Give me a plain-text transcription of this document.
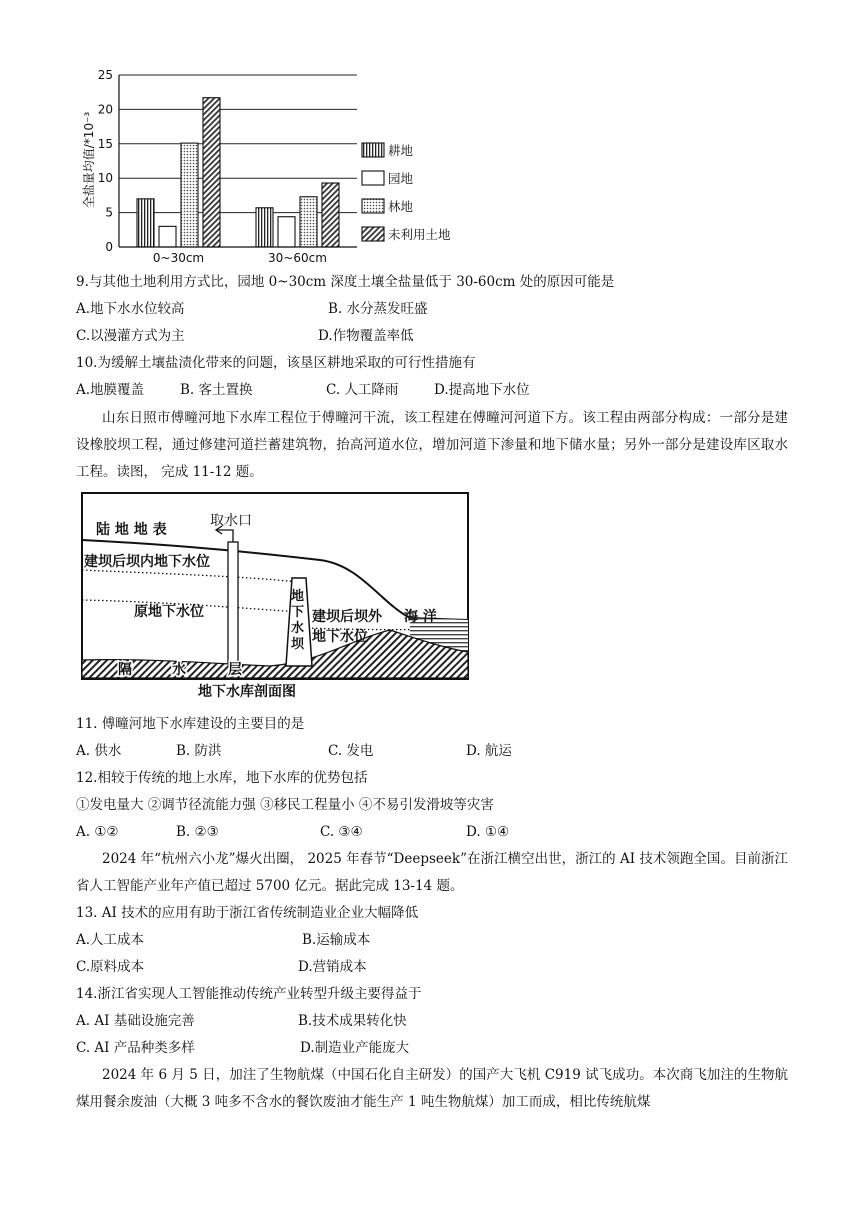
0
5
10
15
20
25
0~30cm	30~60cm
全盐量均值/*10⁻³	耕地
园地
林地
未利用土地
9.与其他土地利用方式比，园地 0~30cm 深度土壤全盐量低于 30-60cm 处的原因可能是
A.地下水水位较高	B. 水分蒸发旺盛
C.以漫灌方式为主	D.作物覆盖率低
10.为缓解土壤盐渍化带来的问题，该垦区耕地采取的可行性措施有
A.地膜覆盖	B. 客土置换	C. 人工降雨	D.提高地下水位
山东日照市傅疃河地下水库工程位于傅疃河干流，该工程建在傅疃河河道下方。该工程由两部分构成：一部分是建设橡胶坝工程，通过修建河道拦蓄建筑物，抬高河道水位，增加河道下渗量和地下储水量；另外一部分是建设库区取水工程。读图， 完成 11-12 题。
取水口
陆 地 地 表
建坝后坝内地下水位
原地下水位
地
下
水
坝
建坝后坝外
地下水位
海 洋
隔	水	层
地下水库剖面图
11. 傅疃河地下水库建设的主要目的是
A. 供水	B. 防洪	C. 发电	D. 航运
12.相较于传统的地上水库，地下水库的优势包括
①发电量大 ②调节径流能力强 ③移民工程量小 ④不易引发滑坡等灾害
A. ①②	B. ②③	C. ③④	D. ①④
2024 年“杭州六小龙”爆火出圈， 2025 年春节“Deepseek”在浙江横空出世，浙江的 AI 技术领跑全国。目前浙江省人工智能产业年产值已超过 5700 亿元。据此完成 13-14 题。
13. AI 技术的应用有助于浙江省传统制造业企业大幅降低
A.人工成本	B.运输成本
C.原料成本	D.营销成本
14.浙江省实现人工智能推动传统产业转型升级主要得益于
A. AI 基础设施完善	B.技术成果转化快
C. AI 产品种类多样	D.制造业产能庞大
2024 年 6 月 5 日，加注了生物航煤（中国石化自主研发）的国产大飞机 C919 试飞成功。本次商飞加注的生物航煤用餐余废油（大概 3 吨多不含水的餐饮废油才能生产 1 吨生物航煤）加工而成，相比传统航煤
